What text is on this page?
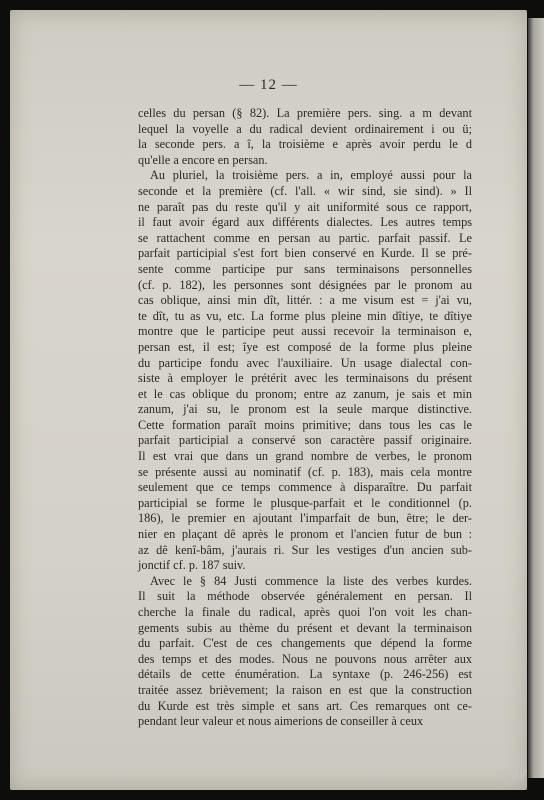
— 12 —
celles du persan (§ 82). La première pers. sing. a m devant
lequel la voyelle a du radical devient ordinairement i ou ü;
la seconde pers. a î, la troisième e après avoir perdu le d
qu'elle a encore en persan.
Au pluriel, la troisième pers. a in, employé aussi pour la
seconde et la première (cf. l'all. « wir sind, sie sind). » Il
ne paraît pas du reste qu'il y ait uniformité sous ce rapport,
il faut avoir égard aux différents dialectes. Les autres temps
se rattachent comme en persan au partic. parfait passif. Le
parfait participial s'est fort bien conservé en Kurde. Il se pré-
sente comme participe pur sans terminaisons personnelles
(cf. p. 182), les personnes sont désignées par le pronom au
cas oblique, ainsi min dît, littér. : a me visum est = j'ai vu,
te dît, tu as vu, etc. La forme plus pleine min dîtiye, te dîtiye
montre que le participe peut aussi recevoir la terminaison e,
persan est, il est; îye est composé de la forme plus pleine
du participe fondu avec l'auxiliaire. Un usage dialectal con-
siste à employer le prétérit avec les terminaisons du présent
et le cas oblique du pronom; entre az zanum, je sais et min
zanum, j'ai su, le pronom est la seule marque distinctive.
Cette formation paraît moins primitive; dans tous les cas le
parfait participial a conservé son caractère passif originaire.
Il est vrai que dans un grand nombre de verbes, le pronom
se présente aussi au nominatif (cf. p. 183), mais cela montre
seulement que ce temps commence à disparaître. Du parfait
participial se forme le plusque-parfait et le conditionnel (p.
186), le premier en ajoutant l'imparfait de bun, être; le der-
nier en plaçant dê après le pronom et l'ancien futur de bun :
az dê kenî-bâm, j'aurais ri. Sur les vestiges d'un ancien sub-
jonctif cf. p. 187 suiv.
Avec le § 84 Justi commence la liste des verbes kurdes.
Il suit la méthode observée généralement en persan. Il
cherche la finale du radical, après quoi l'on voit les chan-
gements subis au thème du présent et devant la terminaison
du parfait. C'est de ces changements que dépend la forme
des temps et des modes. Nous ne pouvons nous arrêter aux
détails de cette énumération. La syntaxe (p. 246-256) est
traitée assez brièvement; la raison en est que la construction
du Kurde est très simple et sans art. Ces remarques ont ce-
pendant leur valeur et nous aimerions de conseiller à ceux
ebay
